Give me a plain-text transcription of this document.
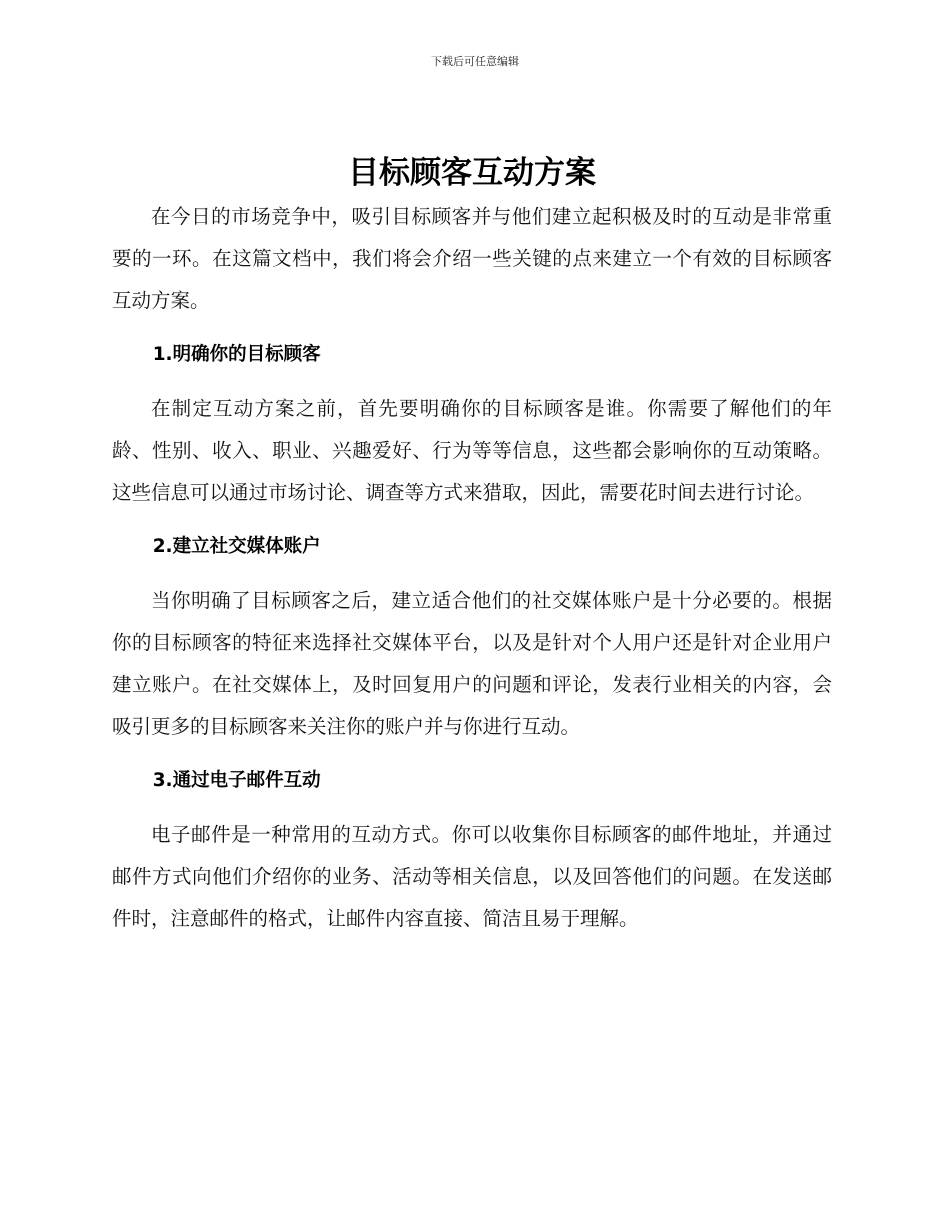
下载后可任意编辑
目标顾客互动方案

在今日的市场竞争中，吸引目标顾客并与他们建立起积极及时的互动是非常重要的一环。在这篇文档中，我们将会介绍一些关键的点来建立一个有效的目标顾客互动方案。

1.明确你的目标顾客

在制定互动方案之前，首先要明确你的目标顾客是谁。你需要了解他们的年龄、性别、收入、职业、兴趣爱好、行为等等信息，这些都会影响你的互动策略。这些信息可以通过市场讨论、调查等方式来猎取，因此，需要花时间去进行讨论。

2.建立社交媒体账户

当你明确了目标顾客之后，建立适合他们的社交媒体账户是十分必要的。根据你的目标顾客的特征来选择社交媒体平台，以及是针对个人用户还是针对企业用户建立账户。在社交媒体上，及时回复用户的问题和评论，发表行业相关的内容，会吸引更多的目标顾客来关注你的账户并与你进行互动。

3.通过电子邮件互动

电子邮件是一种常用的互动方式。你可以收集你目标顾客的邮件地址，并通过邮件方式向他们介绍你的业务、活动等相关信息，以及回答他们的问题。在发送邮件时，注意邮件的格式，让邮件内容直接、简洁且易于理解。
